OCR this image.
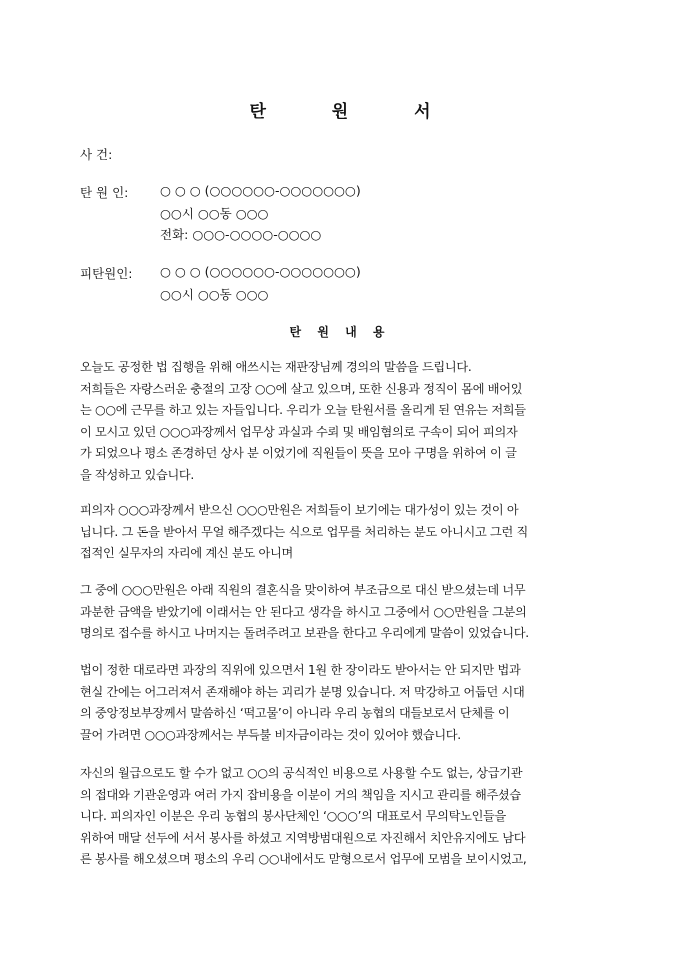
탄 원 서
사 건:
탄 원 인:	○ ○ ○ (○○○○○○-○○○○○○○)
○○시 ○○동 ○○○
전화: ○○○-○○○○-○○○○
피탄원인: ○ ○ ○ (○○○○○○-○○○○○○○)
○○시 ○○동 ○○○
탄 원 내 용
오늘도 공정한 법 집행을 위해 애쓰시는 재판장님께 경의의 말씀을 드립니다.
저희들은 자랑스러운 충절의 고장 ○○에 살고 있으며, 또한 신용과 정직이 몸에 배어있
는 ○○에 근무를 하고 있는 자들입니다. 우리가 오늘 탄원서를 올리게 된 연유는 저희들
이 모시고 있던 ○○○과장께서 업무상 과실과 수뢰 및 배임혐의로 구속이 되어 피의자
가 되었으나 평소 존경하던 상사 분 이었기에 직원들이 뜻을 모아 구명을 위하여 이 글
을 작성하고 있습니다.
피의자 ○○○과장께서 받으신 ○○○만원은 저희들이 보기에는 대가성이 있는 것이 아
닙니다. 그 돈을 받아서 무얼 해주겠다는 식으로 업무를 처리하는 분도 아니시고 그런 직
접적인 실무자의 자리에 계신 분도 아니며
그 중에 ○○○만원은 아래 직원의 결혼식을 맞이하여 부조금으로 대신 받으셨는데 너무
과분한 금액을 받았기에 이래서는 안 된다고 생각을 하시고 그중에서 ○○만원을 그분의
명의로 접수를 하시고 나머지는 돌려주려고 보관을 한다고 우리에게 말씀이 있었습니다.
법이 정한 대로라면 과장의 직위에 있으면서 1원 한 장이라도 받아서는 안 되지만 법과
현실 간에는 어그러져서 존재해야 하는 괴리가 분명 있습니다. 저 막강하고 어둡던 시대
의 중앙정보부장께서 말씀하신 ‘떡고물’이 아니라 우리 농협의 대들보로서 단체를 이
끌어 가려면 ○○○과장께서는 부득불 비자금이라는 것이 있어야 했습니다.
자신의 월급으로도 할 수가 없고 ○○의 공식적인 비용으로 사용할 수도 없는, 상급기관
의 접대와 기관운영과 여러 가지 잡비용을 이분이 거의 책임을 지시고 관리를 해주셨습
니다. 피의자인 이분은 우리 농협의 봉사단체인 ‘○○○’의 대표로서 무의탁노인들을
위하여 매달 선두에 서서 봉사를 하셨고 지역방범대원으로 자진해서 치안유지에도 남다
른 봉사를 해오셨으며 평소의 우리 ○○내에서도 맏형으로서 업무에 모범을 보이시었고,
